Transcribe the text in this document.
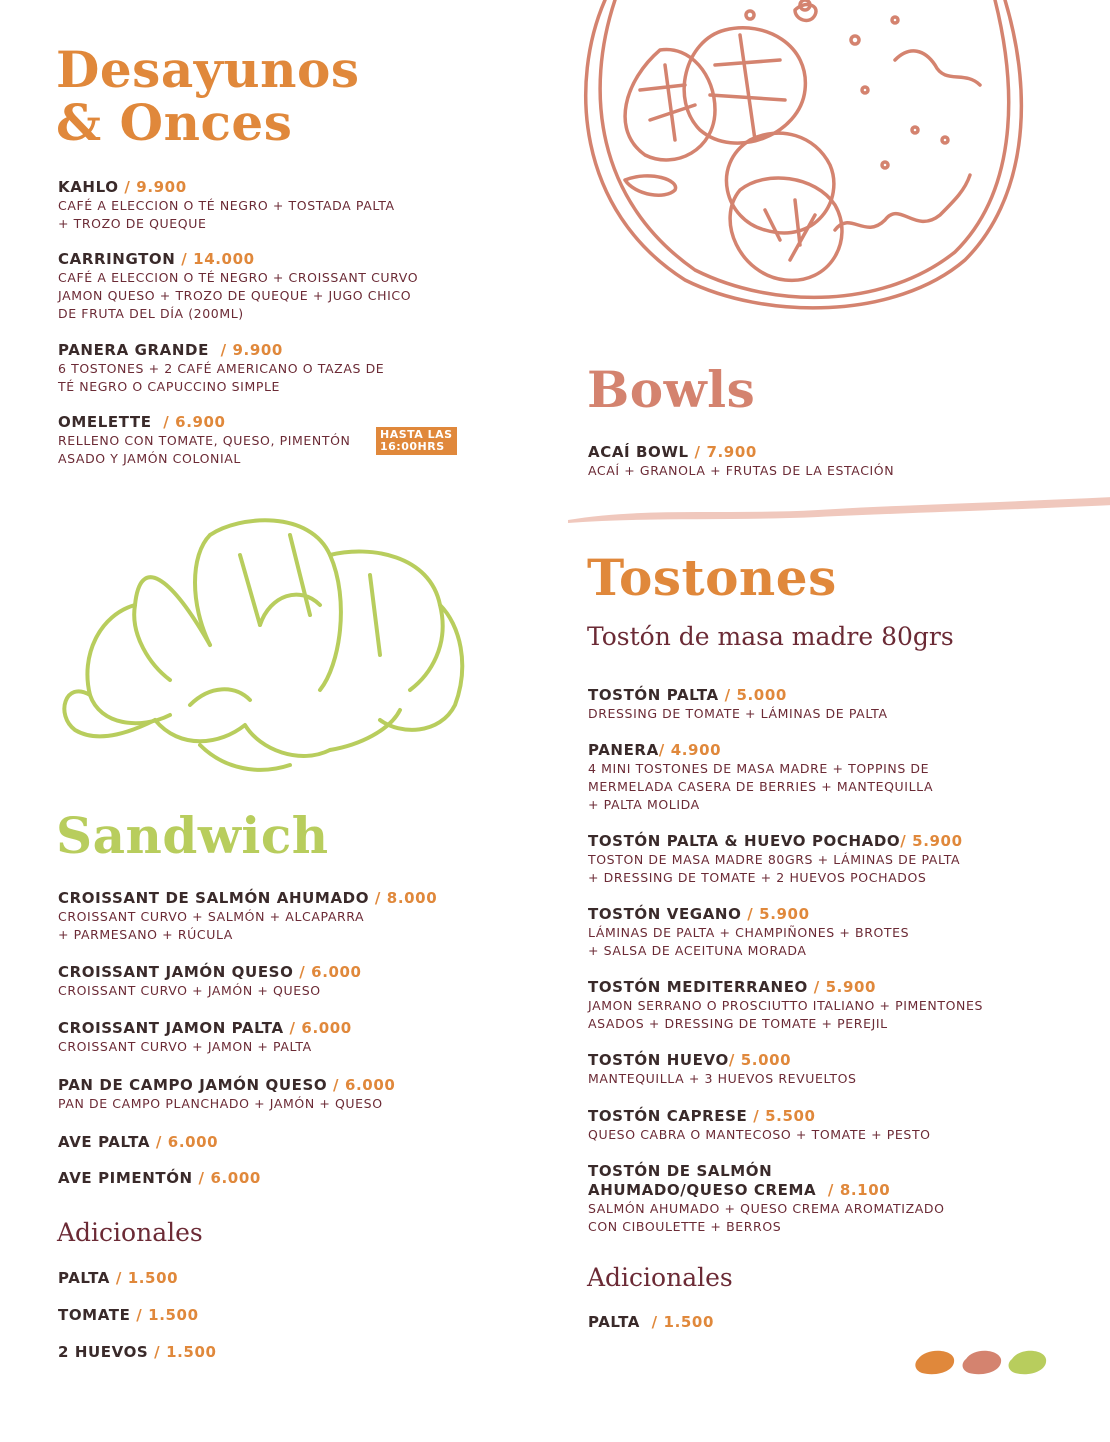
Desayunos
& Onces
KAHLO / 9.900
CAFÉ A ELECCION O TÉ NEGRO + TOSTADA PALTA
+ TROZO DE QUEQUE
CARRINGTON / 14.000
CAFÉ A ELECCION O TÉ NEGRO + CROISSANT CURVO
JAMON QUESO + TROZO DE QUEQUE + JUGO CHICO
DE FRUTA DEL DÍA (200ML)
PANERA GRANDE / 9.900
6 TOSTONES + 2 CAFÉ AMERICANO O TAZAS DE
TÉ NEGRO O CAPUCCINO SIMPLE
OMELETTE / 6.900
RELLENO CON TOMATE, QUESO, PIMENTÓN
ASADO Y JAMÓN COLONIAL
HASTA LAS
16:00HRS
Sandwich
CROISSANT DE SALMÓN AHUMADO / 8.000
CROISSANT CURVO + SALMÓN + ALCAPARRA
+ PARMESANO + RÚCULA
CROISSANT JAMÓN QUESO / 6.000
CROISSANT CURVO + JAMÓN + QUESO
CROISSANT JAMON PALTA / 6.000
CROISSANT CURVO + JAMON + PALTA
PAN DE CAMPO JAMÓN QUESO / 6.000
PAN DE CAMPO PLANCHADO + JAMÓN + QUESO
AVE PALTA / 6.000
AVE PIMENTÓN / 6.000
Adicionales
PALTA / 1.500
TOMATE / 1.500
2 HUEVOS / 1.500
Bowls
ACAÍ BOWL / 7.900
ACAÍ + GRANOLA + FRUTAS DE LA ESTACIÓN
Tostones
Tostón de masa madre 80grs
TOSTÓN PALTA / 5.000
DRESSING DE TOMATE + LÁMINAS DE PALTA
PANERA/ 4.900
4 MINI TOSTONES DE MASA MADRE + TOPPINS DE
MERMELADA CASERA DE BERRIES + MANTEQUILLA
+ PALTA MOLIDA
TOSTÓN PALTA & HUEVO POCHADO/ 5.900
TOSTON DE MASA MADRE 80GRS + LÁMINAS DE PALTA
+ DRESSING DE TOMATE + 2 HUEVOS POCHADOS
TOSTÓN VEGANO / 5.900
LÁMINAS DE PALTA + CHAMPIÑONES + BROTES
+ SALSA DE ACEITUNA MORADA
TOSTÓN MEDITERRANEO / 5.900
JAMON SERRANO O PROSCIUTTO ITALIANO + PIMENTONES
ASADOS + DRESSING DE TOMATE + PEREJIL
TOSTÓN HUEVO/ 5.000
MANTEQUILLA + 3 HUEVOS REVUELTOS
TOSTÓN CAPRESE / 5.500
QUESO CABRA O MANTECOSO + TOMATE + PESTO
TOSTÓN DE SALMÓN
AHUMADO/QUESO CREMA / 8.100
SALMÓN AHUMADO + QUESO CREMA AROMATIZADO
CON CIBOULETTE + BERROS
Adicionales
PALTA / 1.500
